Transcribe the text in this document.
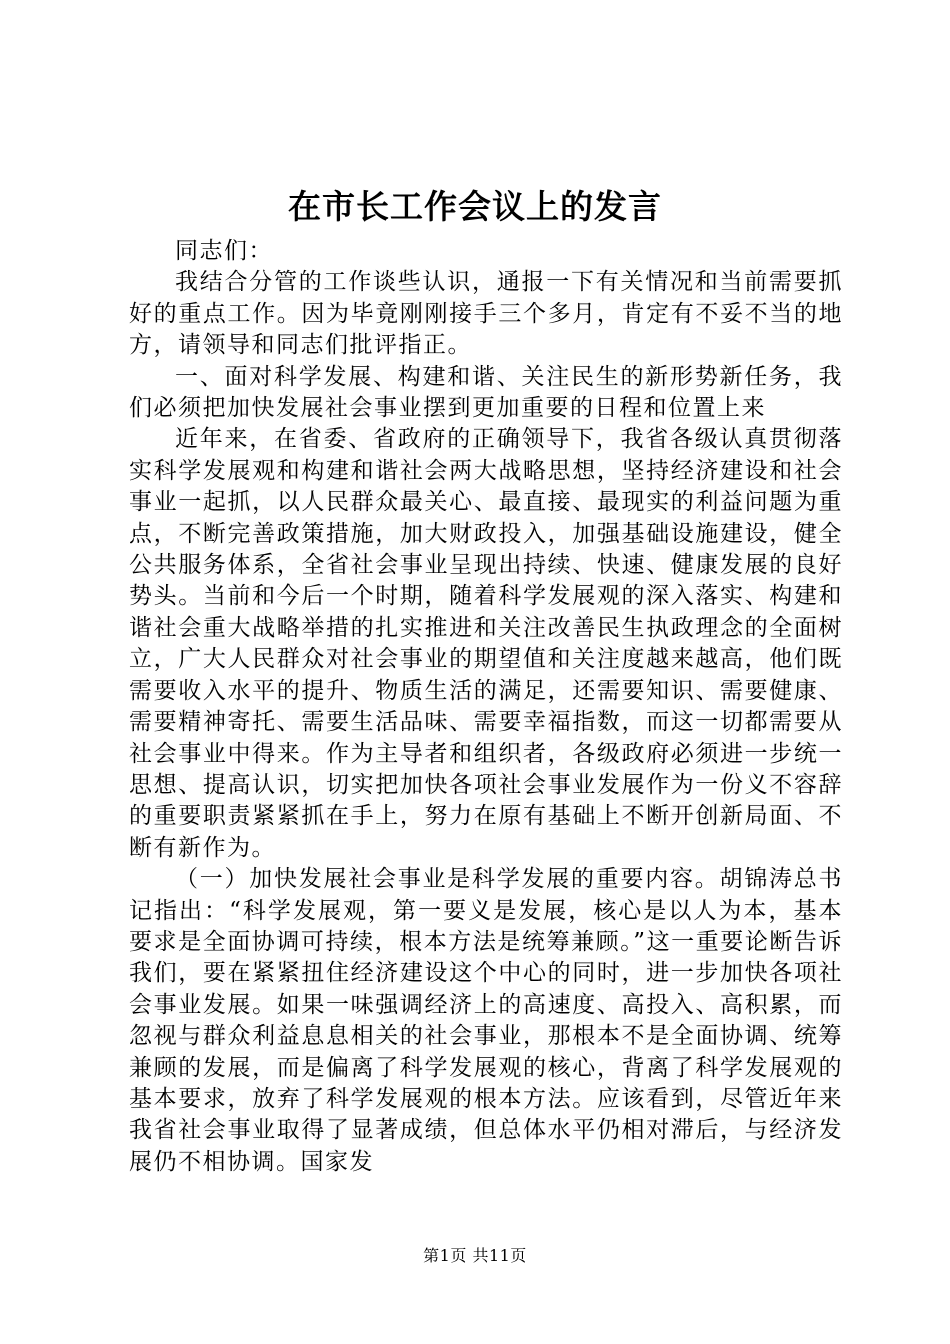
在市长工作会议上的发言

同志们：

我结合分管的工作谈些认识，通报一下有关情况和当前需要抓好的重点工作。因为毕竟刚刚接手三个多月，肯定有不妥不当的地方，请领导和同志们批评指正。

一、面对科学发展、构建和谐、关注民生的新形势新任务，我们必须把加快发展社会事业摆到更加重要的日程和位置上来

近年来，在省委、省政府的正确领导下，我省各级认真贯彻落实科学发展观和构建和谐社会两大战略思想，坚持经济建设和社会事业一起抓，以人民群众最关心、最直接、最现实的利益问题为重点，不断完善政策措施，加大财政投入，加强基础设施建设，健全公共服务体系，全省社会事业呈现出持续、快速、健康发展的良好势头。当前和今后一个时期，随着科学发展观的深入落实、构建和谐社会重大战略举措的扎实推进和关注改善民生执政理念的全面树立，广大人民群众对社会事业的期望值和关注度越来越高，他们既需要收入水平的提升、物质生活的满足，还需要知识、需要健康、需要精神寄托、需要生活品味、需要幸福指数，而这一切都需要从社会事业中得来。作为主导者和组织者，各级政府必须进一步统一思想、提高认识，切实把加快各项社会事业发展作为一份义不容辞的重要职责紧紧抓在手上，努力在原有基础上不断开创新局面、不断有新作为。

（一）加快发展社会事业是科学发展的重要内容。胡锦涛总书记指出：“科学发展观，第一要义是发展，核心是以人为本，基本要求是全面协调可持续，根本方法是统筹兼顾。”这一重要论断告诉我们，要在紧紧扭住经济建设这个中心的同时，进一步加快各项社会事业发展。如果一味强调经济上的高速度、高投入、高积累，而忽视与群众利益息息相关的社会事业，那根本不是全面协调、统筹兼顾的发展，而是偏离了科学发展观的核心，背离了科学发展观的基本要求，放弃了科学发展观的根本方法。应该看到，尽管近年来我省社会事业取得了显著成绩，但总体水平仍相对滞后，与经济发展仍不相协调。国家发

第1页 共11页
